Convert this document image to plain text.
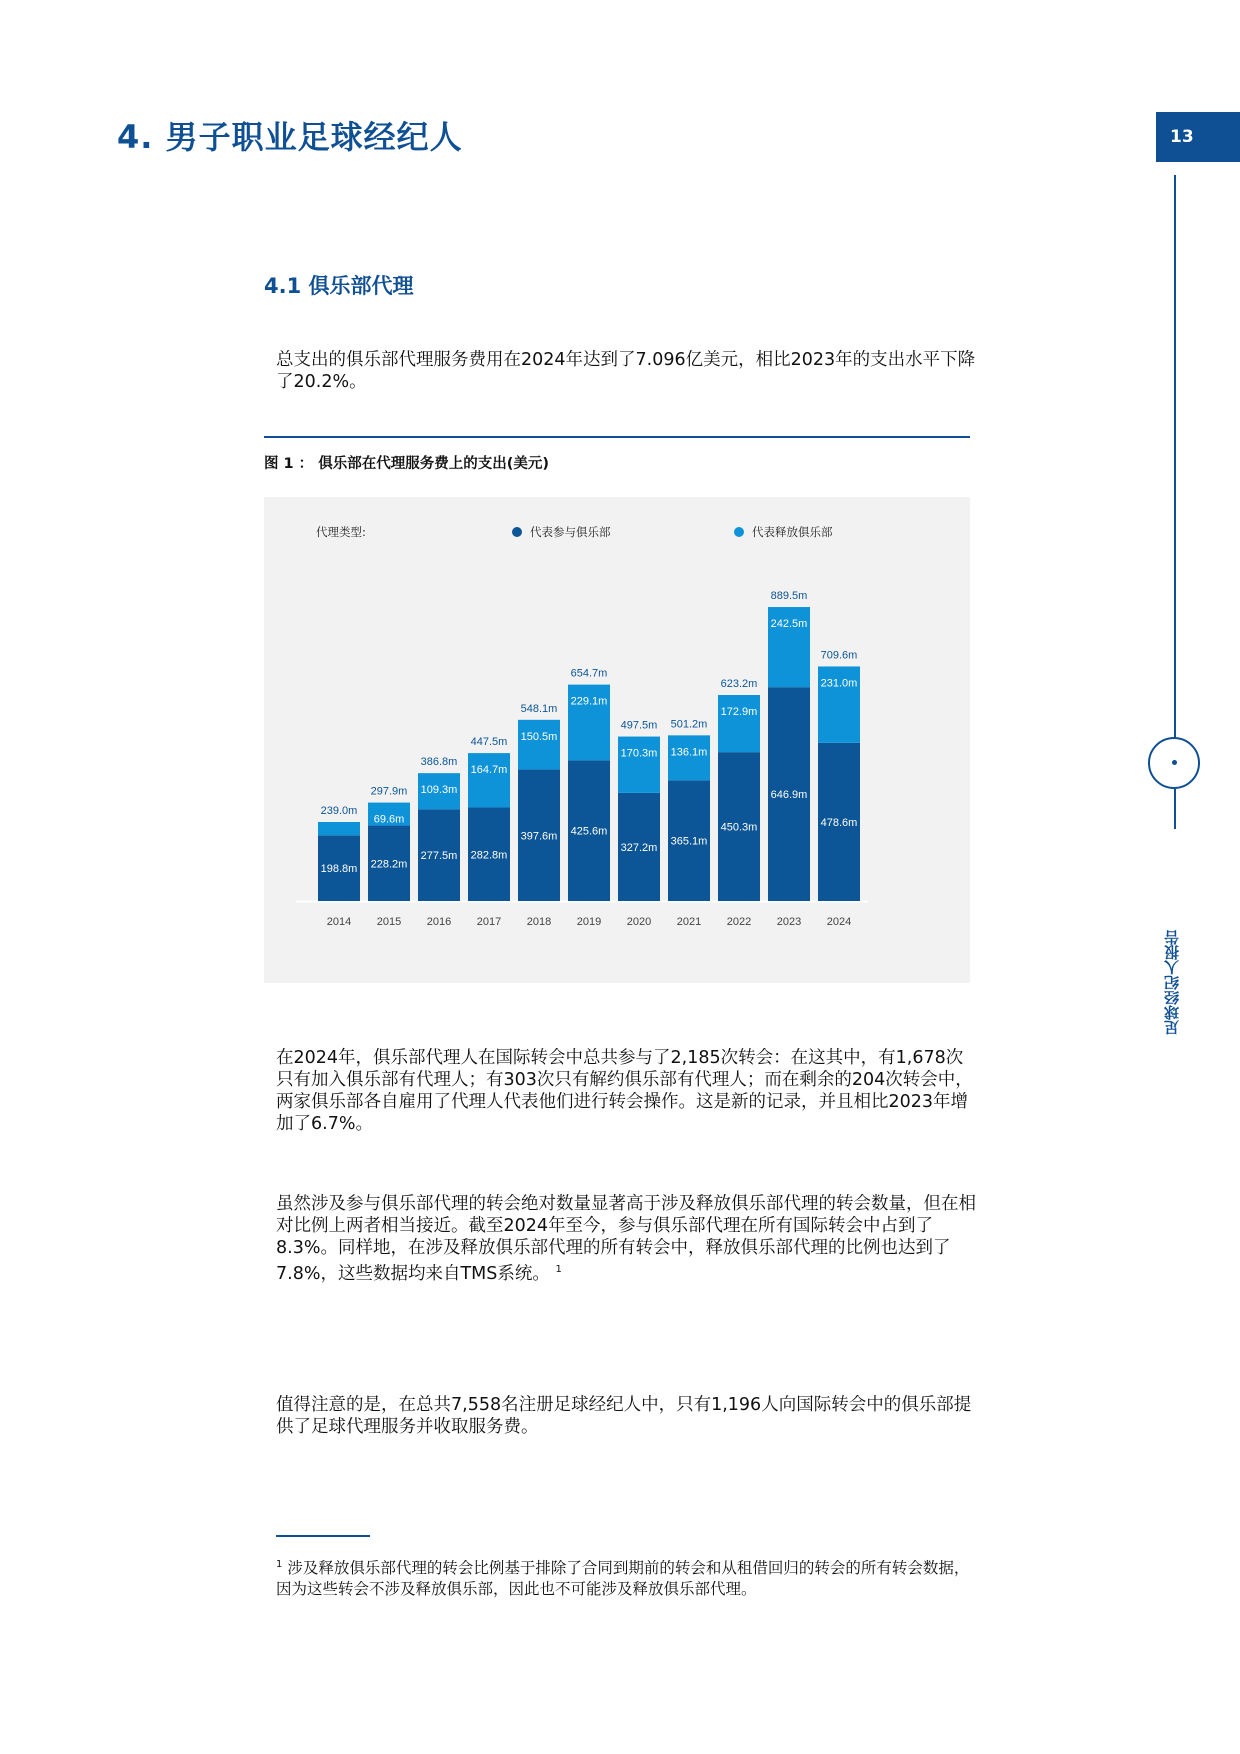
4. 男子职业足球经纪人	13
足球经纪人报告
4.1 俱乐部代理
总支出的俱乐部代理服务费用在2024年达到了7.096亿美元，相比2023年的支出水平下降了20.2%。
图 1 ： 俱乐部在代理服务费上的支出(美元)
代理类型:	代表参与俱乐部	代表释放俱乐部
198.8m
239.0m
2014
228.2m
69.6m
297.9m
2015
277.5m
109.3m
386.8m
2016
282.8m
164.7m
447.5m
2017
397.6m
150.5m
548.1m
2018
425.6m
229.1m
654.7m
2019
327.2m
170.3m
497.5m
2020
365.1m
136.1m
501.2m
2021
450.3m
172.9m
623.2m
2022
646.9m
242.5m
889.5m
2023
478.6m
231.0m
709.6m
2024
在2024年，俱乐部代理人在国际转会中总共参与了2,185次转会：在这其中，有1,678次只有加入俱乐部有代理人；有303次只有解约俱乐部有代理人；而在剩余的204次转会中，两家俱乐部各自雇用了代理人代表他们进行转会操作。这是新的记录，并且相比2023年增加了6.7%。
虽然涉及参与俱乐部代理的转会绝对数量显著高于涉及释放俱乐部代理的转会数量，但在相对比例上两者相当接近。截至2024年至今，参与俱乐部代理在所有国际转会中占到了8.3%。同样地，在涉及释放俱乐部代理的所有转会中，释放俱乐部代理的比例也达到了7.8%，这些数据均来自TMS系统。 $^1$
值得注意的是，在总共7,558名注册足球经纪人中，只有1,196人向国际转会中的俱乐部提供了足球代理服务并收取服务费。
$^1$ 涉及释放俱乐部代理的转会比例基于排除了合同到期前的转会和从租借回归的转会的所有转会数据，因为这些转会不涉及释放俱乐部，因此也不可能涉及释放俱乐部代理。
